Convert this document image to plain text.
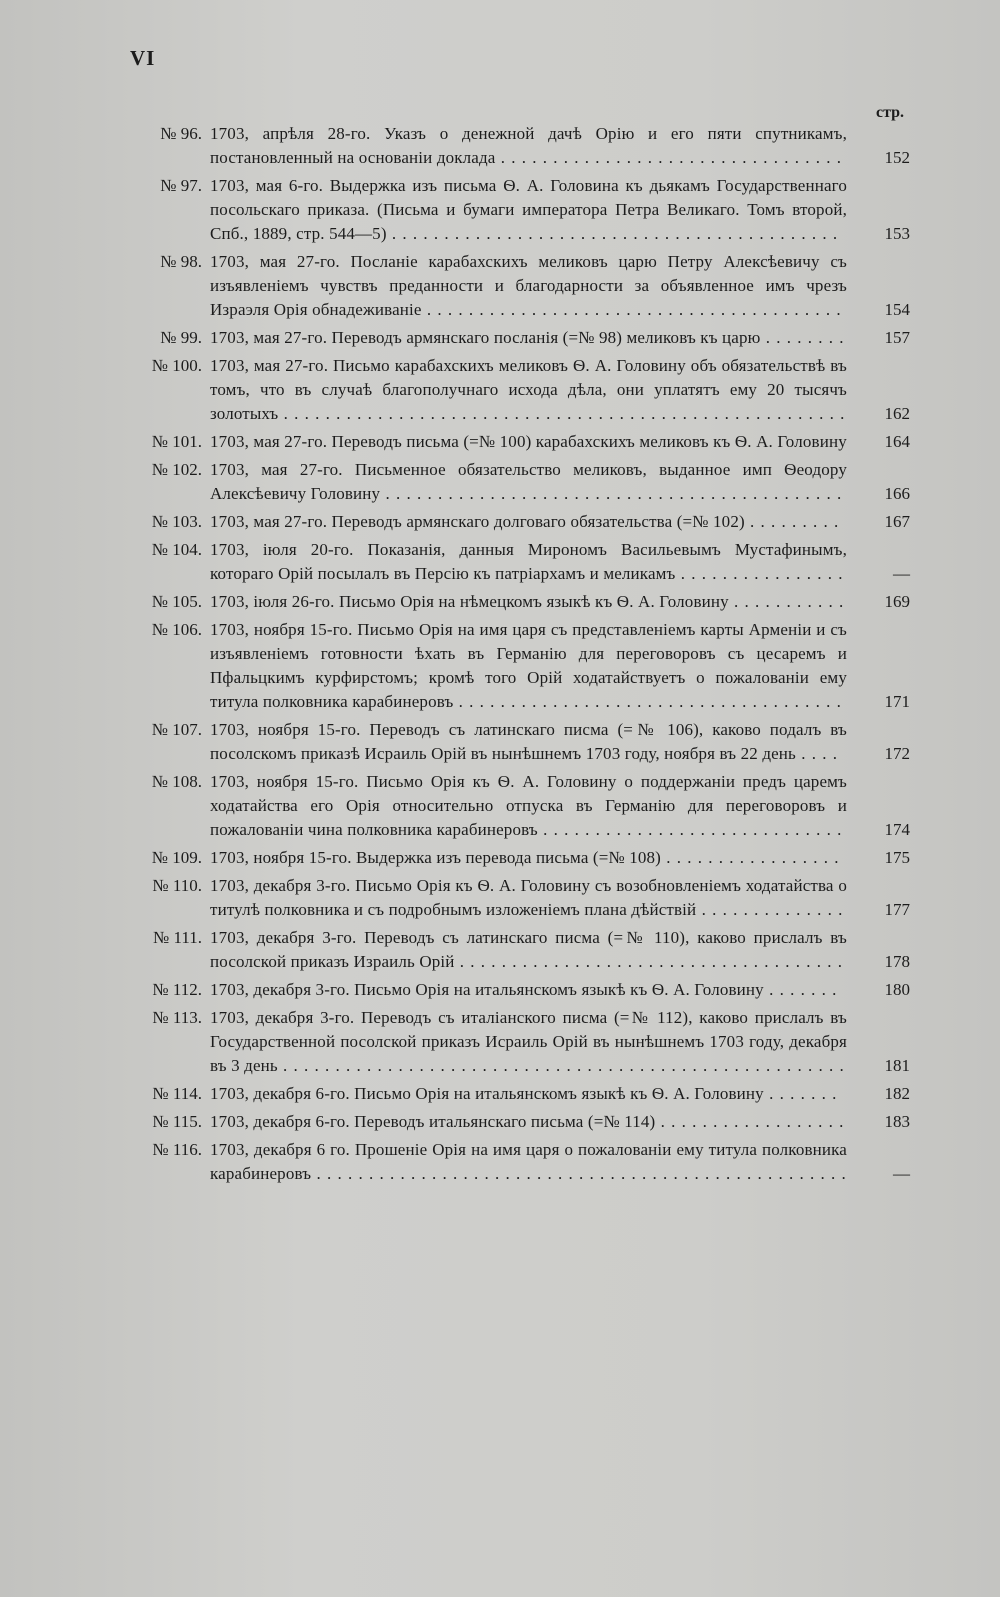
VI
стр.
№ 96. 1703, апрѣля 28-го. Указъ о денежной дачѣ Орію и его пяти спутникамъ, постановленный на основаніи доклада . . . . . . . . . . . . . . . . . . . . . . . . . . . . . . . . .	152
№ 97. 1703, мая 6-го. Выдержка изъ письма Ѳ. А. Головина къ дьякамъ Государственнаго посольскаго приказа. (Письма и бумаги императора Петра Великаго. Томъ второй, Спб., 1889, стр. 544—5) . . . . . . . . . . . . . . . . . . . . . . . . . . . . . . . . . . . . . . . . . . .	153
№ 98. 1703, мая 27-го. Посланіе карабахскихъ меликовъ царю Петру Алексѣевичу съ изъявленіемъ чувствъ преданности и благодарности за объявленное имъ чрезъ Израэля Орія обнадеживаніе . . . . . . . . . . . . . . . . . . . . . . . . . . . . . . . . . . . . . . . .	154
№ 99. 1703, мая 27-го. Переводъ армянскаго посланія (=№ 98) меликовъ къ царю . . . . . . . .	157
№ 100. 1703, мая 27-го. Письмо карабахскихъ меликовъ Ѳ. А. Головину объ обязательствѣ въ томъ, что въ случаѣ благополучнаго исхода дѣла, они уплатятъ ему 20 тысячъ золотыхъ . . . . . . . . . . . . . . . . . . . . . . . . . . . . . . . . . . . . . . . . . . . . . . . . . . . . . .	162
№ 101. 1703, мая 27-го. Переводъ письма (=№ 100) карабахскихъ меликовъ къ Ѳ. А. Головину	164
№ 102. 1703, мая 27-го. Письменное обязательство меликовъ, выданное имп Ѳеодору Алексѣевичу Головину . . . . . . . . . . . . . . . . . . . . . . . . . . . . . . . . . . . . . . . . . . . .	166
№ 103. 1703, мая 27-го. Переводъ армянскаго долговаго обязательства (=№ 102) . . . . . . . . .	167
№ 104. 1703, іюля 20-го. Показанія, данныя Мирономъ Васильевымъ Мустафинымъ, котораго Орій посылалъ въ Персію къ патріархамъ и меликамъ . . . . . . . . . . . . . . . .	—
№ 105. 1703, іюля 26-го. Письмо Орія на нѣмецкомъ языкѣ къ Ѳ. А. Головину . . . . . . . . . . .	169
№ 106. 1703, ноября 15-го. Письмо Орія на имя царя съ представленіемъ карты Арменіи и съ изъявленіемъ готовности ѣхать въ Германію для переговоровъ съ цесаремъ и Пфальцкимъ курфирстомъ; кромѣ того Орій ходатайствуетъ о пожалованіи ему титула полковника карабинеровъ . . . . . . . . . . . . . . . . . . . . . . . . . . . . . . . . . . . . .	171
№ 107. 1703, ноября 15-го. Переводъ съ латинскаго писма (=№ 106), каково подалъ въ посолскомъ приказѣ Исраиль Орій въ нынѣшнемъ 1703 году, ноября въ 22 день . . . .	172
№ 108. 1703, ноября 15-го. Письмо Орія къ Ѳ. А. Головину о поддержаніи предъ царемъ ходатайства его Орія относительно отпуска въ Германію для переговоровъ и пожалованіи чина полковника карабинеровъ . . . . . . . . . . . . . . . . . . . . . . . . . . . . .	174
№ 109. 1703, ноября 15-го. Выдержка изъ перевода письма (=№ 108) . . . . . . . . . . . . . . . . .	175
№ 110. 1703, декабря 3-го. Письмо Орія къ Ѳ. А. Головину съ возобновленіемъ ходатайства о титулѣ полковника и съ подробнымъ изложеніемъ плана дѣйствій . . . . . . . . . . . . . .	177
№ 111. 1703, декабря 3-го. Переводъ съ латинскаго писма (=№ 110), каково прислалъ въ посолской приказъ Израиль Орій . . . . . . . . . . . . . . . . . . . . . . . . . . . . . . . . . . . . .	178
№ 112. 1703, декабря 3-го. Письмо Орія на итальянскомъ языкѣ къ Ѳ. А. Головину . . . . . . .	180
№ 113. 1703, декабря 3-го. Переводъ съ италіанского писма (=№ 112), каково прислалъ въ Государственной посолской приказъ Исраиль Орій въ нынѣшнемъ 1703 году, декабря въ 3 день . . . . . . . . . . . . . . . . . . . . . . . . . . . . . . . . . . . . . . . . . . . . . . . . . . . . . .	181
№ 114. 1703, декабря 6-го. Письмо Орія на итальянскомъ языкѣ къ Ѳ. А. Головину . . . . . . .	182
№ 115. 1703, декабря 6-го. Переводъ итальянскаго письма (=№ 114) . . . . . . . . . . . . . . . . . .	183
№ 116. 1703, декабря 6 го. Прошеніе Орія на имя царя о пожалованіи ему титула полковника карабинеровъ . . . . . . . . . . . . . . . . . . . . . . . . . . . . . . . . . . . . . . . . . . . . . . . . . . .	—
